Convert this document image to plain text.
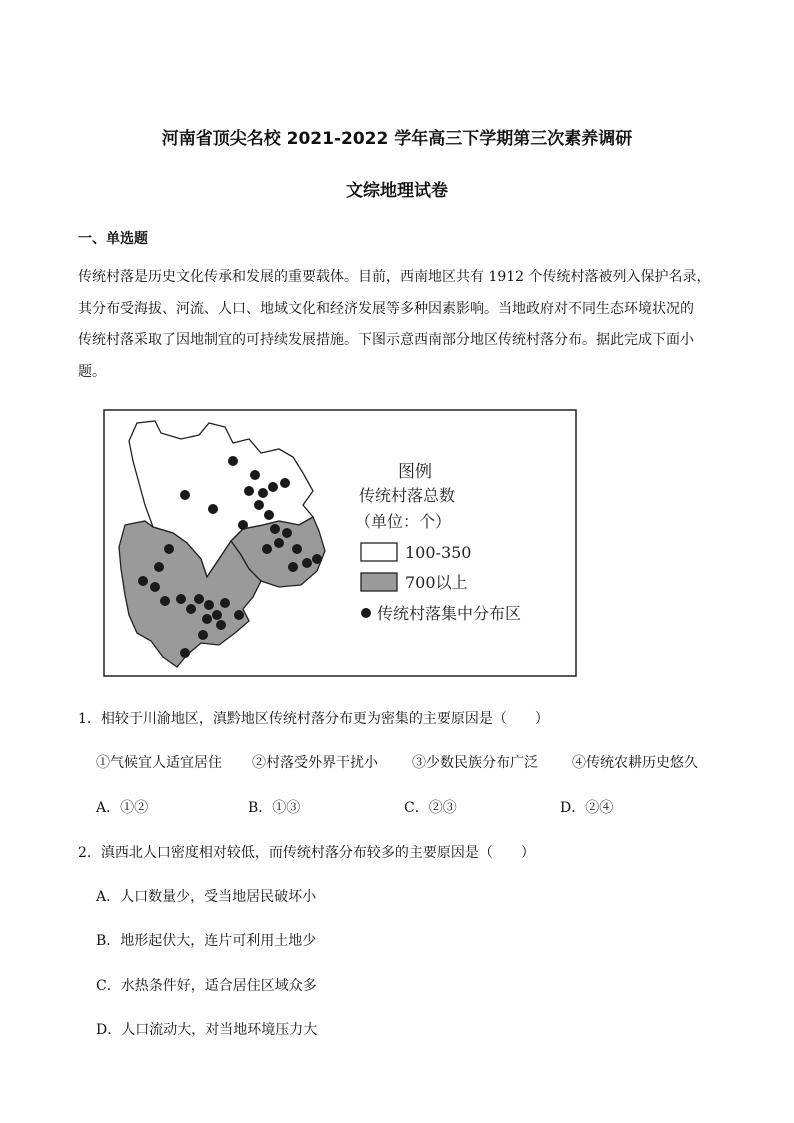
河南省顶尖名校 2021-2022 学年高三下学期第三次素养调研
文综地理试卷
一、单选题
传统村落是历史文化传承和发展的重要载体。目前，西南地区共有 1912 个传统村落被列入保护名录，
其分布受海拔、河流、人口、地域文化和经济发展等多种因素影响。当地政府对不同生态环境状况的
传统村落采取了因地制宜的可持续发展措施。下图示意西南部分地区传统村落分布。据此完成下面小
题。
图例
传统村落总数
（单位：个）
100-350
700以上
传统村落集中分布区
1．相较于川渝地区，滇黔地区传统村落分布更为密集的主要原因是（　　）
①气候宜人适宜居住 ②村落受外界干扰小 ③少数民族分布广泛 ④传统农耕历史悠久
A．①②	B．①③	C．②③	D．②④
2．滇西北人口密度相对较低，而传统村落分布较多的主要原因是（　　）
A．人口数量少，受当地居民破坏小
B．地形起伏大，连片可利用土地少
C．水热条件好，适合居住区域众多
D．人口流动大，对当地环境压力大
